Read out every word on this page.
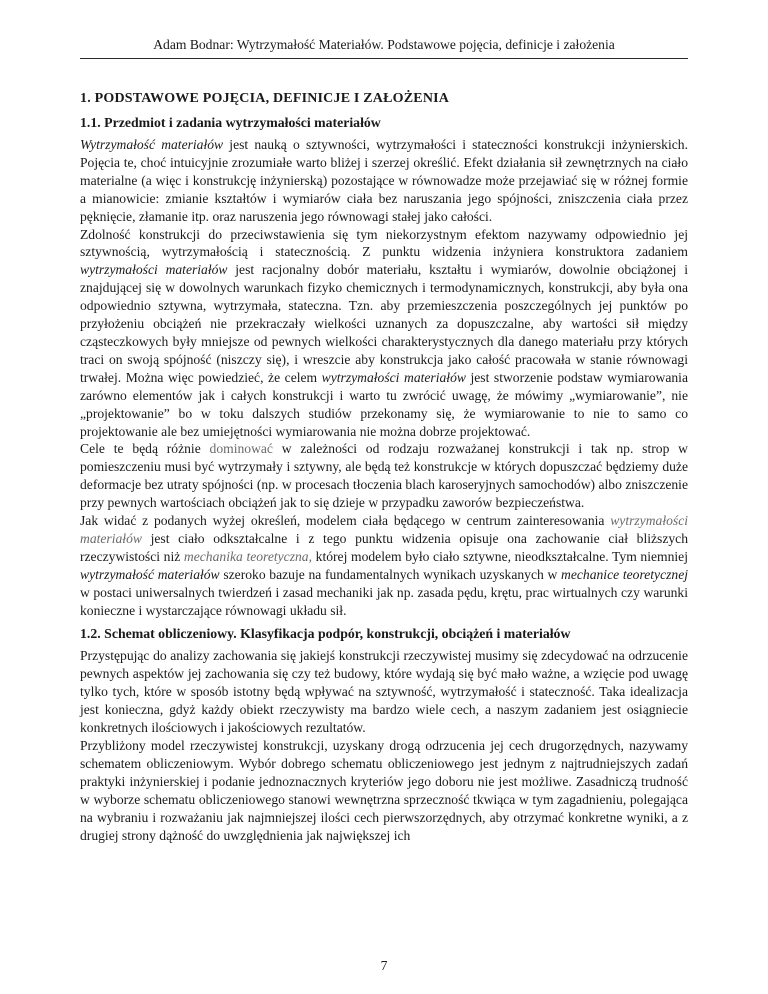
Adam Bodnar: Wytrzymałość Materiałów. Podstawowe pojęcia, definicje i założenia
1. PODSTAWOWE POJĘCIA, DEFINICJE I ZAŁOŻENIA
1.1. Przedmiot i zadania wytrzymałości materiałów

Wytrzymałość materiałów jest nauką o sztywności, wytrzymałości i stateczności konstrukcji inżynierskich. Pojęcia te, choć intuicyjnie zrozumiałe warto bliżej i szerzej określić. Efekt działania sił zewnętrznych na ciało materialne (a więc i konstrukcję inżynierską) pozostające w równowadze może przejawiać się w różnej formie a mianowicie: zmianie kształtów i wymiarów ciała bez naruszania jego spójności, zniszczenia ciała przez pęknięcie, złamanie itp. oraz naruszenia jego równowagi stałej jako całości.

Zdolność konstrukcji do przeciwstawienia się tym niekorzystnym efektom nazywamy odpowiednio jej sztywnością, wytrzymałością i statecznością. Z punktu widzenia inżyniera konstruktora zadaniem wytrzymałości materiałów jest racjonalny dobór materiału, kształtu i wymiarów, dowolnie obciążonej i znajdującej się w dowolnych warunkach fizyko chemicznych i termodynamicznych, konstrukcji, aby była ona odpowiednio sztywna, wytrzymała, stateczna. Tzn. aby przemieszczenia poszczególnych jej punktów po przyłożeniu obciążeń nie przekraczały wielkości uznanych za dopuszczalne, aby wartości sił między cząsteczkowych były mniejsze od pewnych wielkości charakterystycznych dla danego materiału przy których traci on swoją spójność (niszczy się), i wreszcie aby konstrukcja jako całość pracowała w stanie równowagi trwałej. Można więc powiedzieć, że celem wytrzymałości materiałów jest stworzenie podstaw wymiarowania zarówno elementów jak i całych konstrukcji i warto tu zwrócić uwagę, że mówimy „wymiarowanie”, nie „projektowanie” bo w toku dalszych studiów przekonamy się, że wymiarowanie to nie to samo co projektowanie ale bez umiejętności wymiarowania nie można dobrze projektować.

Cele te będą różnie dominować w zależności od rodzaju rozważanej konstrukcji i tak np. strop w pomieszczeniu musi być wytrzymały i sztywny, ale będą też konstrukcje w których dopuszczać będziemy duże deformacje bez utraty spójności (np. w procesach tłoczenia blach karoseryjnych samochodów) albo zniszczenie przy pewnych wartościach obciążeń jak to się dzieje w przypadku zaworów bezpieczeństwa.

Jak widać z podanych wyżej określeń, modelem ciała będącego w centrum zainteresowania wytrzymałości materiałów jest ciało odkształcalne i z tego punktu widzenia opisuje ona zachowanie ciał bliższych rzeczywistości niż mechanika teoretyczna, której modelem było ciało sztywne, nieodkształcalne. Tym niemniej wytrzymałość materiałów szeroko bazuje na fundamentalnych wynikach uzyskanych w mechanice teoretycznej w postaci uniwersalnych twierdzeń i zasad mechaniki jak np. zasada pędu, krętu, prac wirtualnych czy warunki konieczne i wystarczające równowagi układu sił.

1.2. Schemat obliczeniowy. Klasyfikacja podpór, konstrukcji, obciążeń i materiałów

Przystępując do analizy zachowania się jakiejś konstrukcji rzeczywistej musimy się zdecydować na odrzucenie pewnych aspektów jej zachowania się czy też budowy, które wydają się być mało ważne, a wzięcie pod uwagę tylko tych, które w sposób istotny będą wpływać na sztywność, wytrzymałość i stateczność. Taka idealizacja jest konieczna, gdyż każdy obiekt rzeczywisty ma bardzo wiele cech, a naszym zadaniem jest osiągniecie konkretnych ilościowych i jakościowych rezultatów.

Przybliżony model rzeczywistej konstrukcji, uzyskany drogą odrzucenia jej cech drugorzędnych, nazywamy schematem obliczeniowym. Wybór dobrego schematu obliczeniowego jest jednym z najtrudniejszych zadań praktyki inżynierskiej i podanie jednoznacznych kryteriów jego doboru nie jest możliwe. Zasadniczą trudność w wyborze schematu obliczeniowego stanowi wewnętrzna sprzeczność tkwiąca w tym zagadnieniu, polegająca na wybraniu i rozważaniu jak najmniejszej ilości cech pierwszorzędnych, aby otrzymać konkretne wyniki, a z drugiej strony dążność do uwzględnienia jak największej ich

7
